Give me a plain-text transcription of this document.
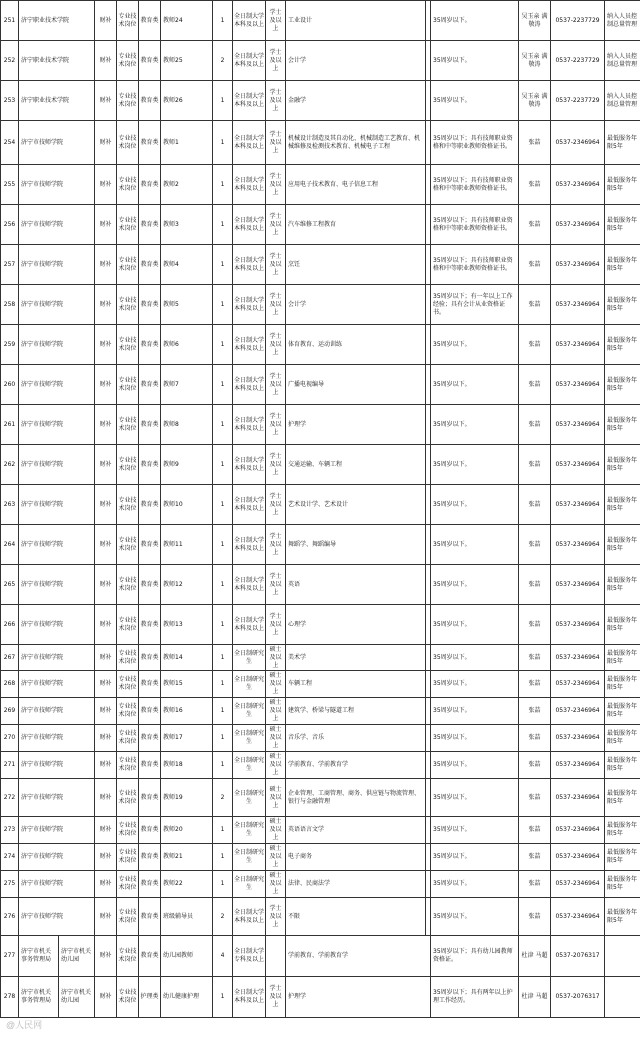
251	济宁职业技术学院		财补	专业技术岗位	教育类	教师24	1	全日制大学本科及以上	学士及以上	工业设计		35周岁以下。	吴玉亲 满敬涛	0537-2237729	纳入人员控制总量管理
252	济宁职业技术学院		财补	专业技术岗位	教育类	教师25	2	全日制大学本科及以上	学士及以上	会计学		35周岁以下。	吴玉亲 满敬涛	0537-2237729	纳入人员控制总量管理
253	济宁职业技术学院		财补	专业技术岗位	教育类	教师26	1	全日制大学本科及以上	学士及以上	金融学		35周岁以下。	吴玉亲 满敬涛	0537-2237729	纳入人员控制总量管理
254	济宁市技师学院		财补	专业技术岗位	教育类	教师1	1	全日制大学本科及以上	学士及以上	机械设计制造及其自动化、机械制造工艺教育、机械维修及检测技术教育、机械电子工程		35周岁以下；具有技师职业资格和中等职业教师资格证书。	张喆	0537-2346964	最低服务年限5年
255	济宁市技师学院		财补	专业技术岗位	教育类	教师2	1	全日制大学本科及以上	学士及以上	应用电子技术教育、电子信息工程		35周岁以下；具有技师职业资格和中等职业教师资格证书。	张喆	0537-2346964	最低服务年限5年
256	济宁市技师学院		财补	专业技术岗位	教育类	教师3	1	全日制大学本科及以上	学士及以上	汽车维修工程教育		35周岁以下；具有技师职业资格和中等职业教师资格证书。	张喆	0537-2346964	最低服务年限5年
257	济宁市技师学院		财补	专业技术岗位	教育类	教师4	1	全日制大学本科及以上	学士及以上	烹饪		35周岁以下；具有技师职业资格和中等职业教师资格证书。	张喆	0537-2346964	最低服务年限5年
258	济宁市技师学院		财补	专业技术岗位	教育类	教师5	1	全日制大学本科及以上	学士及以上	会计学		35周岁以下；有一年以上工作经验；具有会计从业资格证书。	张喆	0537-2346964	最低服务年限5年
259	济宁市技师学院		财补	专业技术岗位	教育类	教师6	1	全日制大学本科及以上	学士及以上	体育教育、运动训练		35周岁以下。	张喆	0537-2346964	最低服务年限5年
260	济宁市技师学院		财补	专业技术岗位	教育类	教师7	1	全日制大学本科及以上	学士及以上	广播电视编导		35周岁以下。	张喆	0537-2346964	最低服务年限5年
261	济宁市技师学院		财补	专业技术岗位	教育类	教师8	1	全日制大学本科及以上	学士及以上	护理学		35周岁以下。	张喆	0537-2346964	最低服务年限5年
262	济宁市技师学院		财补	专业技术岗位	教育类	教师9	1	全日制大学本科及以上	学士及以上	交通运输、车辆工程		35周岁以下。	张喆	0537-2346964	最低服务年限5年
263	济宁市技师学院		财补	专业技术岗位	教育类	教师10	1	全日制大学本科及以上	学士及以上	艺术设计学、艺术设计		35周岁以下。	张喆	0537-2346964	最低服务年限5年
264	济宁市技师学院		财补	专业技术岗位	教育类	教师11	1	全日制大学本科及以上	学士及以上	舞蹈学、舞蹈编导		35周岁以下。	张喆	0537-2346964	最低服务年限5年
265	济宁市技师学院		财补	专业技术岗位	教育类	教师12	1	全日制大学本科及以上	学士及以上	英语		35周岁以下。	张喆	0537-2346964	最低服务年限5年
266	济宁市技师学院		财补	专业技术岗位	教育类	教师13	1	全日制大学本科及以上	学士及以上	心理学		35周岁以下。	张喆	0537-2346964	最低服务年限5年
267	济宁市技师学院		财补	专业技术岗位	教育类	教师14	1	全日制研究生	硕士及以上	美术学		35周岁以下。	张喆	0537-2346964	最低服务年限5年
268	济宁市技师学院		财补	专业技术岗位	教育类	教师15	1	全日制研究生	硕士及以上	车辆工程		35周岁以下。	张喆	0537-2346964	最低服务年限5年
269	济宁市技师学院		财补	专业技术岗位	教育类	教师16	1	全日制研究生	硕士及以上	建筑学、桥梁与隧道工程		35周岁以下。	张喆	0537-2346964	最低服务年限5年
270	济宁市技师学院		财补	专业技术岗位	教育类	教师17	1	全日制研究生	硕士及以上	音乐学、音乐		35周岁以下。	张喆	0537-2346964	最低服务年限5年
271	济宁市技师学院		财补	专业技术岗位	教育类	教师18	1	全日制研究生	硕士及以上	学前教育、学前教育学		35周岁以下。	张喆	0537-2346964	最低服务年限5年
272	济宁市技师学院		财补	专业技术岗位	教育类	教师19	2	全日制研究生	硕士及以上	企业管理、工商管理、商务、供应链与物流管理、银行与金融管理		35周岁以下。	张喆	0537-2346964	最低服务年限5年
273	济宁市技师学院		财补	专业技术岗位	教育类	教师20	1	全日制研究生	硕士及以上	英语语言文学		35周岁以下。	张喆	0537-2346964	最低服务年限5年
274	济宁市技师学院		财补	专业技术岗位	教育类	教师21	1	全日制研究生	硕士及以上	电子商务		35周岁以下。	张喆	0537-2346964	最低服务年限5年
275	济宁市技师学院		财补	专业技术岗位	教育类	教师22	1	全日制研究生	硕士及以上	法律、民商法学		35周岁以下。	张喆	0537-2346964	最低服务年限5年
276	济宁市技师学院		财补	专业技术岗位	教育类	班级辅导员	2	全日制大学本科及以上	学士及以上	不限		35周岁以下。	张喆	0537-2346964	最低服务年限5年
277	济宁市机关事务管理局	济宁市机关幼儿园	财补	专业技术岗位	教育类	幼儿园教师	4	全日制大学专科及以上		学前教育、学前教育学		35周岁以下；具有幼儿园教师资格证。	杜津 马超	0537-2076317	
278	济宁市机关事务管理局	济宁市机关幼儿园	财补	专业技术岗位	护理类	幼儿健康护理	1	全日制大学本科及以上	学士及以上	护理学		35周岁以下；具有两年以上护理工作经历。	杜津 马超	0537-2076317	
@人民网
